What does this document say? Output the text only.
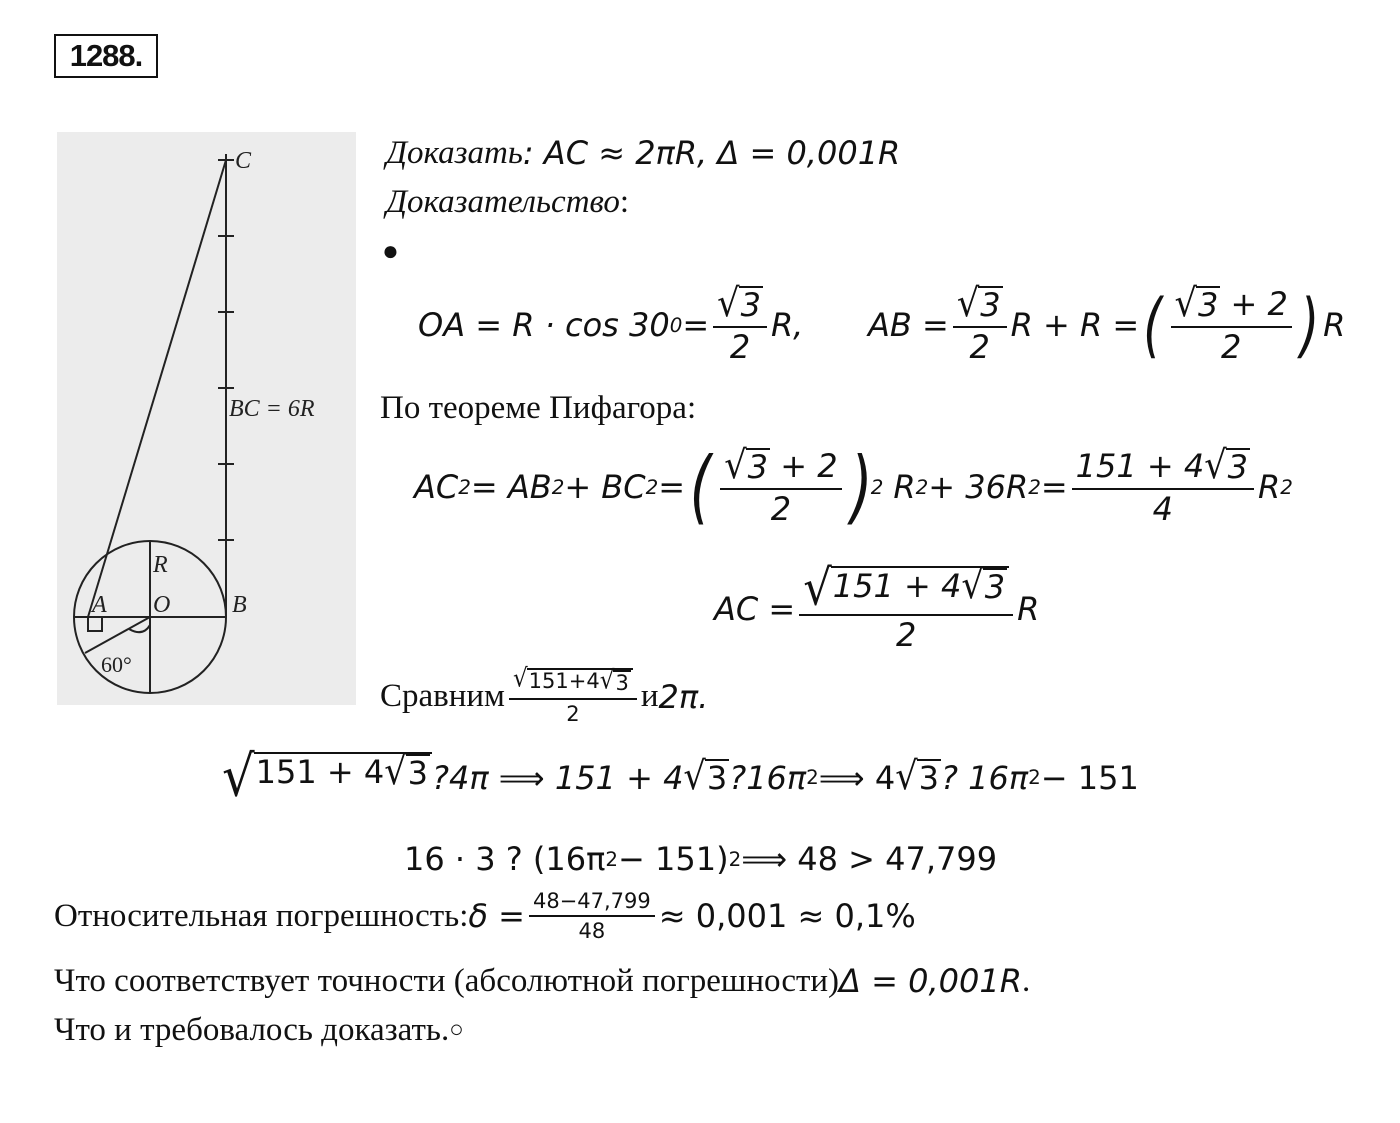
1288.
C
BC = 6R
R
A O	B
60°
Доказать : AC ≈ 2πR, Δ = 0,001R
Доказательство :
●
OA = R · cos 30 $0 = \frac{√ 3}{2} R$, AB = $\frac{√ 3}{2}$ R + R = ( $\frac{√ 3 + 2}{2}$ ) R
По теореме Пифагора:
AC 2 = AB 2 + BC 2 = ( $\frac{√ 3 + 2}{2}$ )
2 R 2 + 36R $2 = \frac{151 + 4 √ 3}{4}$ R 2
AC = $\frac{√ 151 + 4 √ 3}{2}$ R
Сравним $\frac{√ 151+4 √ 3}{2}$ и 2π.
√ 151 + 4 √ 3 ?4π ⟹ 151 + 4 √ 3 ?16π 2 ⟹ 4 √ 3 ? 16π 2 − 151
16 · 3 ? (16π 2 − 151) 2 ⟹ 48 > 47,799
Относительная погрешность: $\delta = \frac{48-47,799}{48} \approx 0,001 \approx 0,1\%$
Что соответствует точности (абсолютной погрешности) Δ = 0,001R .
Что и требовалось доказать. ○
